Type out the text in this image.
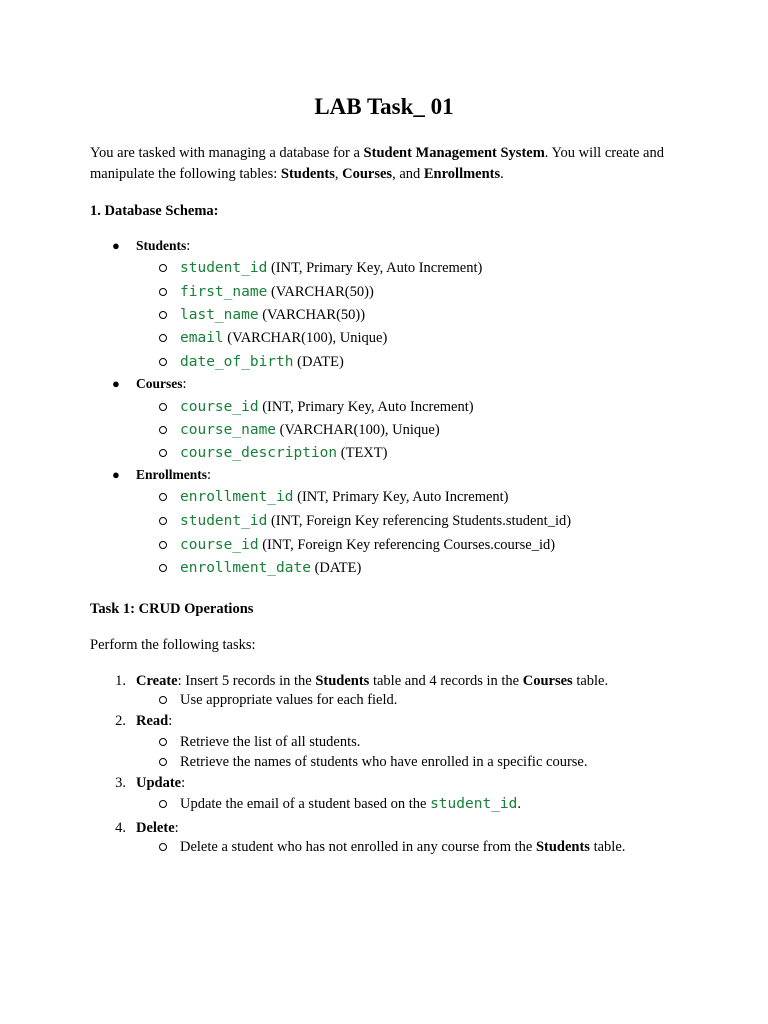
LAB Task_ 01
You are tasked with managing a database for a Student Management System. You will create and manipulate the following tables: Students, Courses, and Enrollments.
1. Database Schema:
● Students:
student_id (INT, Primary Key, Auto Increment)
first_name (VARCHAR(50))
last_name (VARCHAR(50))
email (VARCHAR(100), Unique)
date_of_birth (DATE)
● Courses:
course_id (INT, Primary Key, Auto Increment)
course_name (VARCHAR(100), Unique)
course_description (TEXT)
● Enrollments:
enrollment_id (INT, Primary Key, Auto Increment)
student_id (INT, Foreign Key referencing Students.student_id)
course_id (INT, Foreign Key referencing Courses.course_id)
enrollment_date (DATE)
Task 1: CRUD Operations
Perform the following tasks:
1. Create: Insert 5 records in the Students table and 4 records in the Courses table.
Use appropriate values for each field.
2. Read:
Retrieve the list of all students.
Retrieve the names of students who have enrolled in a specific course.
3. Update:
Update the email of a student based on the student_id.
4. Delete:
Delete a student who has not enrolled in any course from the Students table.
